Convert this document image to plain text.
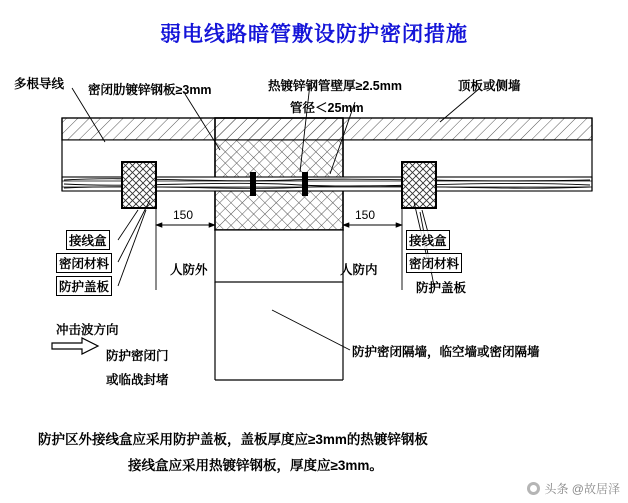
弱电线路暗管敷设防护密闭措施
多根导线 密闭肋镀锌钢板≥3mm	热镀锌钢管壁厚≥2.5mm
管径＜25mm
顶板或侧墙
接线盒
密闭材料
防护盖板
接线盒
密闭材料
防护盖板
150	150
人防外	人防内
冲击波方向
防护密闭门
或临战封堵
防护密闭隔墙，临空墙或密闭隔墙
防护区外接线盒应采用防护盖板，盖板厚度应≥3mm的热镀锌钢板
接线盒应采用热镀锌钢板，厚度应≥3mm。
头条 @故居泽
